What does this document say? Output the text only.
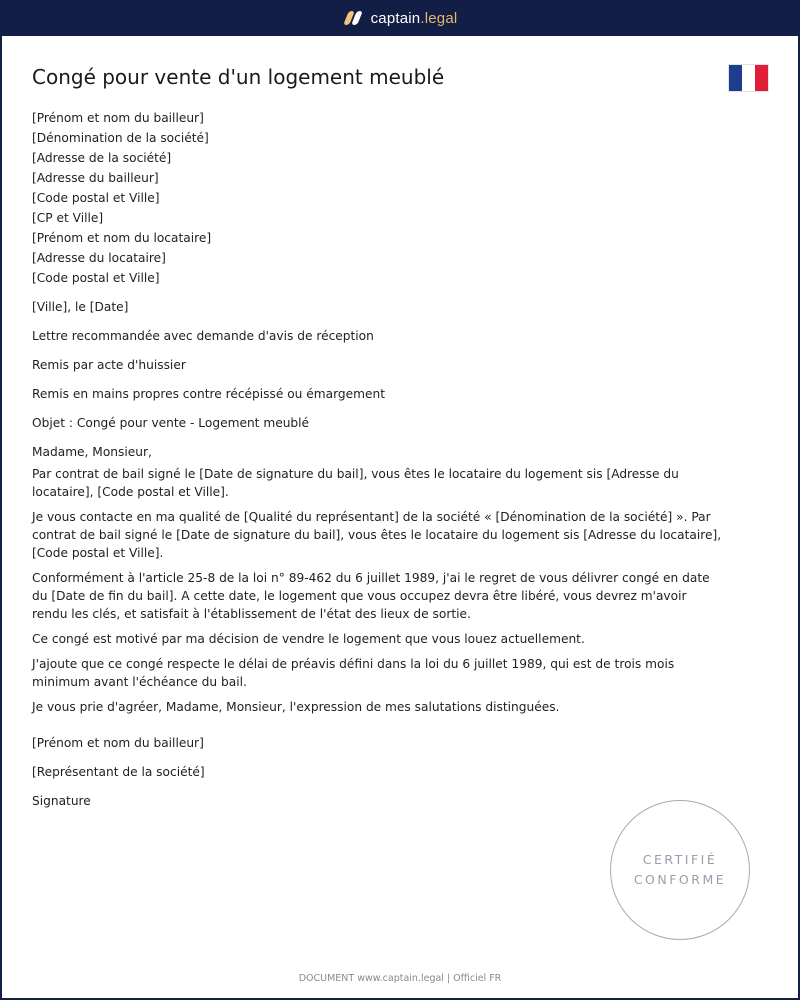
captain.legal
Congé pour vente d'un logement meublé
[Prénom et nom du bailleur]
[Dénomination de la société]
[Adresse de la société]
[Adresse du bailleur]
[Code postal et Ville]
[CP et Ville]
[Prénom et nom du locataire]
[Adresse du locataire]
[Code postal et Ville]

[Ville], le [Date]

Lettre recommandée avec demande d'avis de réception

Remis par acte d'huissier

Remis en mains propres contre récépissé ou émargement

Objet : Congé pour vente - Logement meublé

Madame, Monsieur,

Par contrat de bail signé le [Date de signature du bail], vous êtes le locataire du logement sis [Adresse du locataire], [Code postal et Ville].

Je vous contacte en ma qualité de [Qualité du représentant] de la société « [Dénomination de la société] ». Par contrat de bail signé le [Date de signature du bail], vous êtes le locataire du logement sis [Adresse du locataire], [Code postal et Ville].

Conformément à l'article 25-8 de la loi n° 89-462 du 6 juillet 1989, j'ai le regret de vous délivrer congé en date du [Date de fin du bail]. A cette date, le logement que vous occupez devra être libéré, vous devrez m'avoir rendu les clés, et satisfait à l'établissement de l'état des lieux de sortie.

Ce congé est motivé par ma décision de vendre le logement que vous louez actuellement.

J'ajoute que ce congé respecte le délai de préavis défini dans la loi du 6 juillet 1989, qui est de trois mois minimum avant l'échéance du bail.

Je vous prie d'agréer, Madame, Monsieur, l'expression de mes salutations distinguées.

[Prénom et nom du bailleur]

[Représentant de la société]

Signature

CERTIFIÉ
CONFORME
DOCUMENT www.captain.legal | Officiel FR
